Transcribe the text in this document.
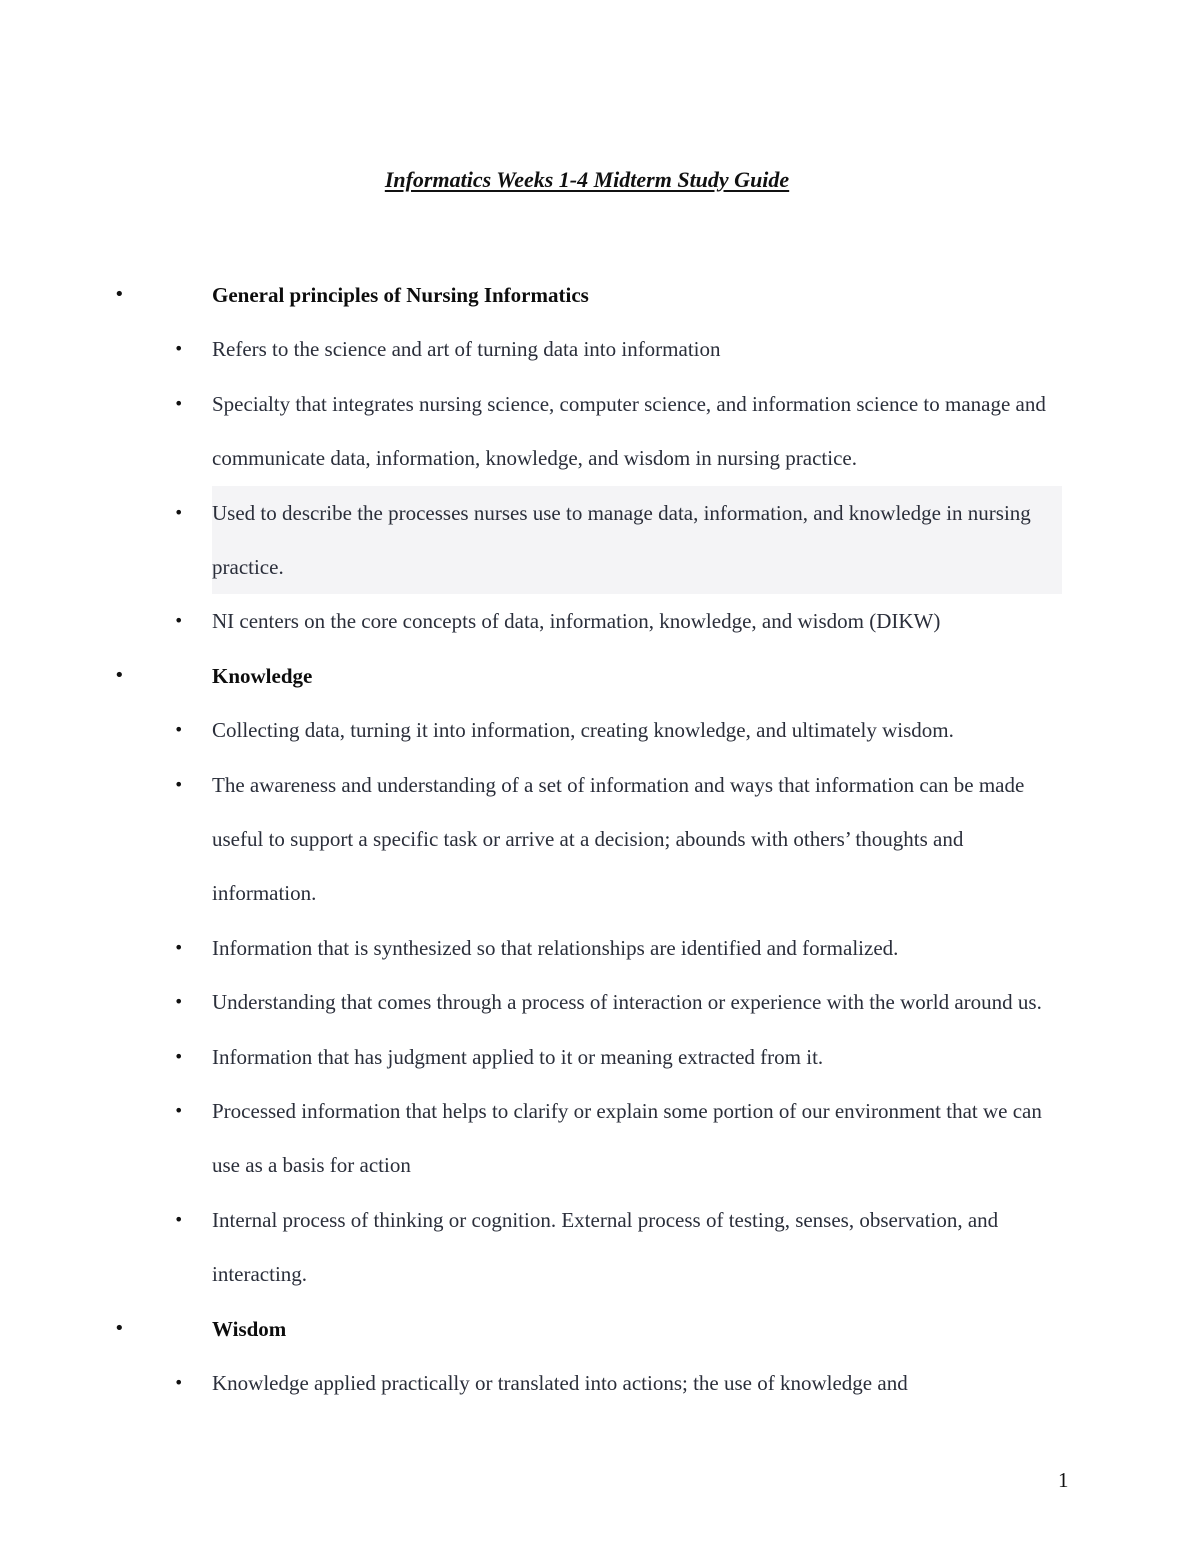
Informatics Weeks 1-4 Midterm Study Guide
•	General principles of Nursing Informatics
• Refers to the science and art of turning data into information
• Specialty that integrates nursing science, computer science, and information science to manage and communicate data, information, knowledge, and wisdom in nursing practice.
• Used to describe the processes nurses use to manage data, information, and knowledge in nursing practice.
• NI centers on the core concepts of data, information, knowledge, and wisdom (DIKW)
•	Knowledge
• Collecting data, turning it into information, creating knowledge, and ultimately wisdom.
• The awareness and understanding of a set of information and ways that information can be made useful to support a specific task or arrive at a decision; abounds with others’ thoughts and information.
• Information that is synthesized so that relationships are identified and formalized.
• Understanding that comes through a process of interaction or experience with the world around us.
• Information that has judgment applied to it or meaning extracted from it.
• Processed information that helps to clarify or explain some portion of our environment that we can use as a basis for action
• Internal process of thinking or cognition. External process of testing, senses, observation, and interacting.
•	Wisdom
• Knowledge applied practically or translated into actions; the use of knowledge and
1
